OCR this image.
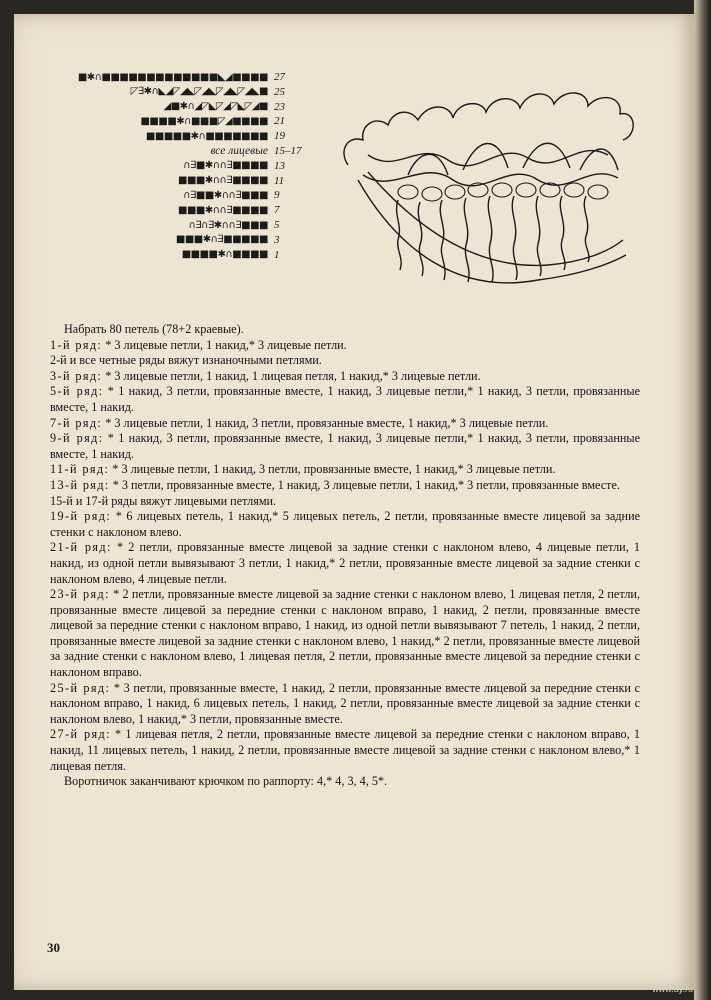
■✱∩■■■■■■■■■■■■■◣◢■■■■ 27
◸∃✱∩◣◢◸◢◣◸◢◣◸◢◣◸◢◣■ 25
◢■✱∩◢◸◣◸◢◸◣◸◢■ 23
■■■■✱∩■■■◸◢■■■■ 21
■■■■■✱∩■■■■■■■ 19
все лицевые 15–17
∩∃■✱∩∩∃■■■■ 13
■■■✱∩∩∃■■■■ 11
∩∃■■✱∩∩∃■■■ 9
■■■✱∩∩∃■■■■ 7
∩∃∩∃✱∩∩∃■■■ 5
■■■✱∩∃■■■■■ 3
■■■■✱∩■■■■ 1

Набрать 80 петель (78+2 краевые).

1-й ряд: * 3 лицевые петли, 1 накид,* 3 лицевые петли.

2-й и все четные ряды вяжут изнаночными петлями.

3-й ряд: * 3 лицевые петли, 1 накид, 1 лицевая петля, 1 накид,* 3 лицевые петли.

5-й ряд: * 1 накид, 3 петли, провязанные вместе, 1 накид, 3 лицевые петли,* 1 накид, 3 петли, провязанные вместе, 1 накид.

7-й ряд: * 3 лицевые петли, 1 накид, 3 петли, провязанные вместе, 1 накид,* 3 лицевые петли.

9-й ряд: * 1 накид, 3 петли, провязанные вместе, 1 накид, 3 лицевые петли,* 1 накид, 3 петли, провязанные вместе, 1 накид.

11-й ряд: * 3 лицевые петли, 1 накид, 3 петли, провязанные вместе, 1 накид,* 3 лицевые петли.

13-й ряд: * 3 петли, провязанные вместе, 1 накид, 3 лицевые петли, 1 накид,* 3 петли, провязанные вместе.

15-й и 17-й ряды вяжут лицевыми петлями.

19-й ряд: * 6 лицевых петель, 1 накид,* 5 лицевых петель, 2 петли, провязанные вместе лицевой за задние стенки с наклоном влево.

21-й ряд: * 2 петли, провязанные вместе лицевой за задние стенки с наклоном влево, 4 лицевые петли, 1 накид, из одной петли вывязывают 3 петли, 1 накид,* 2 петли, провязанные вместе лицевой за задние стенки с наклоном влево, 4 лицевые петли.

23-й ряд: * 2 петли, провязанные вместе лицевой за задние стенки с наклоном влево, 1 лицевая петля, 2 петли, провязанные вместе лицевой за передние стенки с наклоном вправо, 1 накид, 2 петли, провязанные вместе лицевой за передние стенки с наклоном вправо, 1 накид, из одной петли вывязывают 7 петель, 1 накид, 2 петли, провязанные вместе лицевой за задние стенки с наклоном влево, 1 накид,* 2 петли, провязанные вместе лицевой за задние стенки с наклоном влево, 1 лицевая петля, 2 петли, провязанные вместе лицевой за передние стенки с наклоном вправо.

25-й ряд: * 3 петли, провязанные вместе, 1 накид, 2 петли, провязанные вместе лицевой за передние стенки с наклоном вправо, 1 накид, 6 лицевых петель, 1 накид, 2 петли, провязанные вместе лицевой за задние стенки с наклоном влево, 1 накид,* 3 петли, провязанные вместе.

27-й ряд: * 1 лицевая петля, 2 петли, провязанные вместе лицевой за передние стенки с наклоном вправо, 1 накид, 11 лицевых петель, 1 накид, 2 петли, провязанные вместе лицевой за задние стенки с наклоном влево,* 1 лицевая петля.

Воротничок заканчивают крючком по раппорту: 4,* 4, 3, 4, 5*.

30
www.ay.ru
